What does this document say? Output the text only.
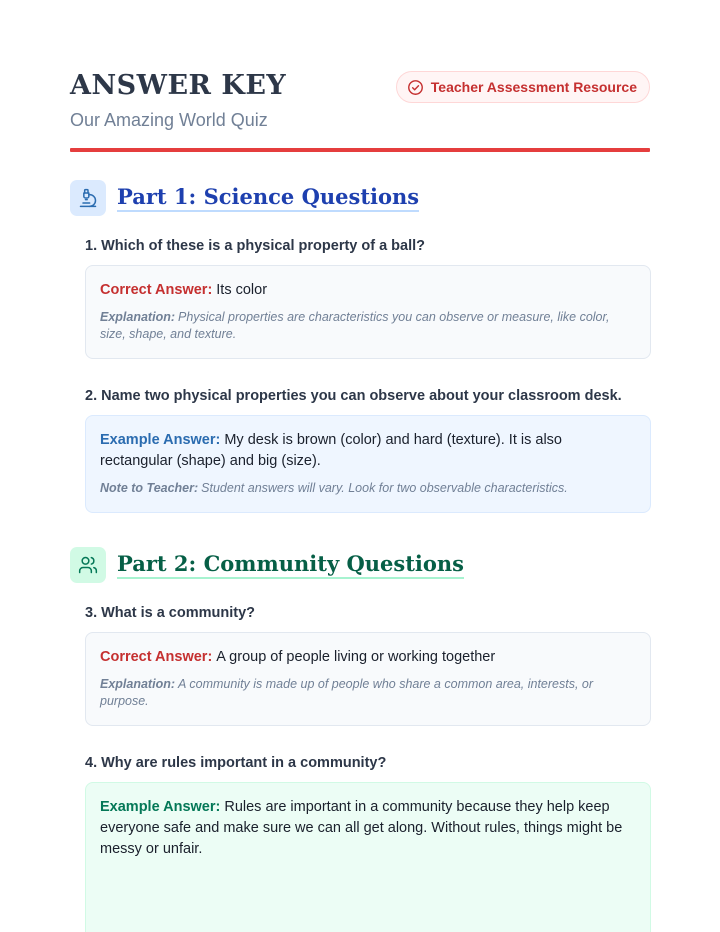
ANSWER KEY

Our Amazing World Quiz

Teacher Assessment Resource
Part 1: Science Questions
1. Which of these is a physical property of a ball?

Correct Answer: Its color

Explanation: Physical properties are characteristics you can observe or measure, like color, size, shape, and texture.

2. Name two physical properties you can observe about your classroom desk.

Example Answer: My desk is brown (color) and hard (texture). It is also rectangular (shape) and big (size).

Note to Teacher: Student answers will vary. Look for two observable characteristics.

Part 2: Community Questions
3. What is a community?

Correct Answer: A group of people living or working together

Explanation: A community is made up of people who share a common area, interests, or purpose.

4. Why are rules important in a community?

Example Answer: Rules are important in a community because they help keep everyone safe and make sure we can all get along. Without rules, things might be messy or unfair.
